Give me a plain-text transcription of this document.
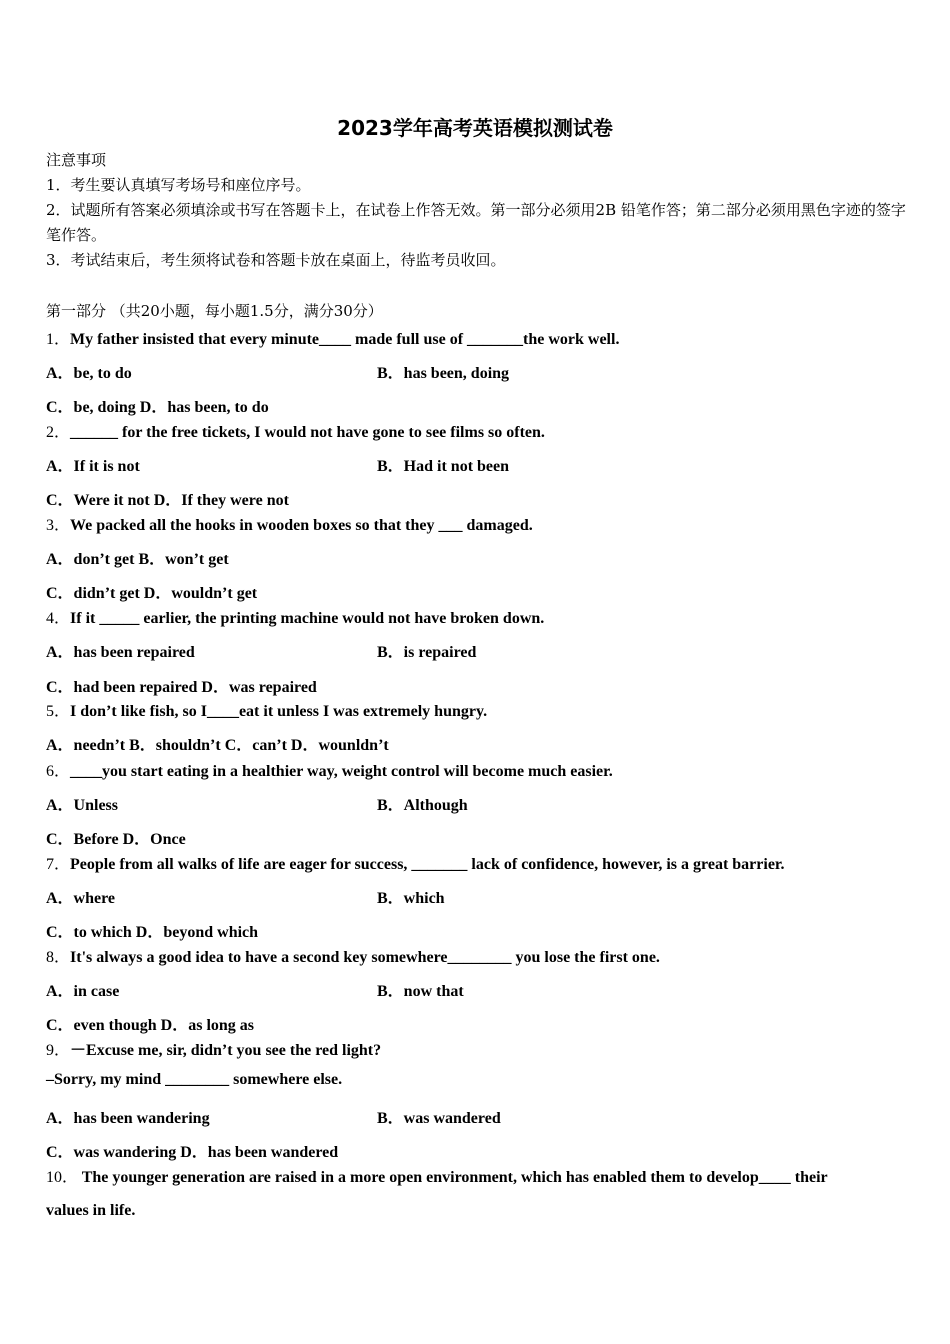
2023学年高考英语模拟测试卷
注意事项
1．考生要认真填写考场号和座位序号。
2．试题所有答案必须填涂或书写在答题卡上，在试卷上作答无效。第一部分必须用2B 铅笔作答；第二部分必须用黑色字迹的签字笔作答。
3．考试结束后，考生须将试卷和答题卡放在桌面上，待监考员收回。
第一部分 （共20小题，每小题1.5分，满分30分）
1．My father insisted that every minute____ made full use of _______the work well.
A．be, to do	B．has been, doing
C．be, doing D．has been, to do
2．______ for the free tickets, I would not have gone to see films so often.
A．If it is not	B．Had it not been
C．Were it not D．If they were not
3．We packed all the hooks in wooden boxes so that they ___ damaged.
A．don’t get B．won’t get
C．didn’t get D．wouldn’t get
4．If it _____ earlier, the printing machine would not have broken down.
A．has been repaired	B．is repaired
C．had been repaired D．was repaired
5．I don’t like fish, so I____eat it unless I was extremely hungry.
A．needn’t B．shouldn’t C．can’t D．wounldn’t
6．____you start eating in a healthier way, weight control will become much easier.
A．Unless	B．Although
C．Before D．Once
7．People from all walks of life are eager for success, _______ lack of confidence, however, is a great barrier.
A．where	B．which
C．to which D．beyond which
8．It's always a good idea to have a second key somewhere________ you lose the first one.
A．in case	B．now that
C．even though D．as long as
9．－Excuse me, sir, didn’t you see the red light?
–Sorry, my mind ________ somewhere else.
A．has been wandering	B．was wandered
C．was wandering D．has been wandered
10． The younger generation are raised in a more open environment, which has enabled them to develop____ their
values in life.
